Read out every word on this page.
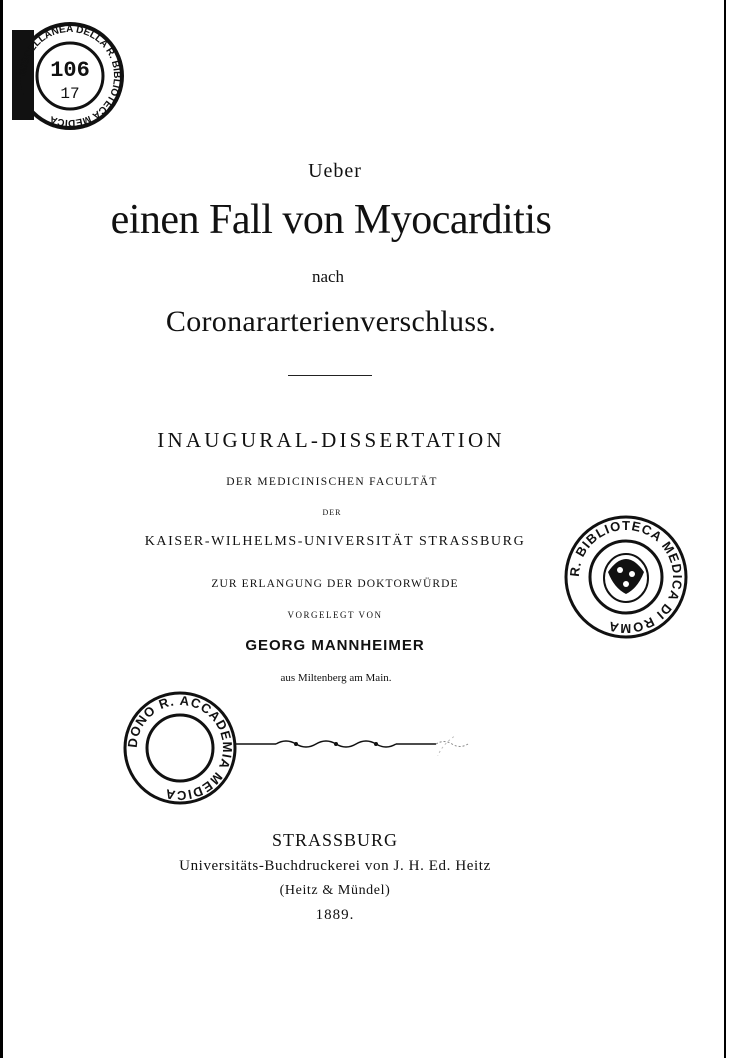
MISCELLANEA DELLA R. BIBLIOTECA MEDICA
106
17
Ueber
einen Fall von Myocarditis
nach
Coronararterienverschluss.
INAUGURAL-DISSERTATION
DER MEDICINISCHEN FACULTÄT
DER
KAISER-WILHELMS-UNIVERSITÄT STRASSBURG
ZUR ERLANGUNG DER DOKTORWÜRDE
VORGELEGT VON
GEORG MANNHEIMER
aus Miltenberg am Main.
R. BIBLIOTECA MEDICA DI ROMA
DONO R. ACCADEMIA MEDICA
STRASSBURG
Universitäts-Buchdruckerei von J. H. Ed. Heitz
(Heitz & Mündel)
1889.
